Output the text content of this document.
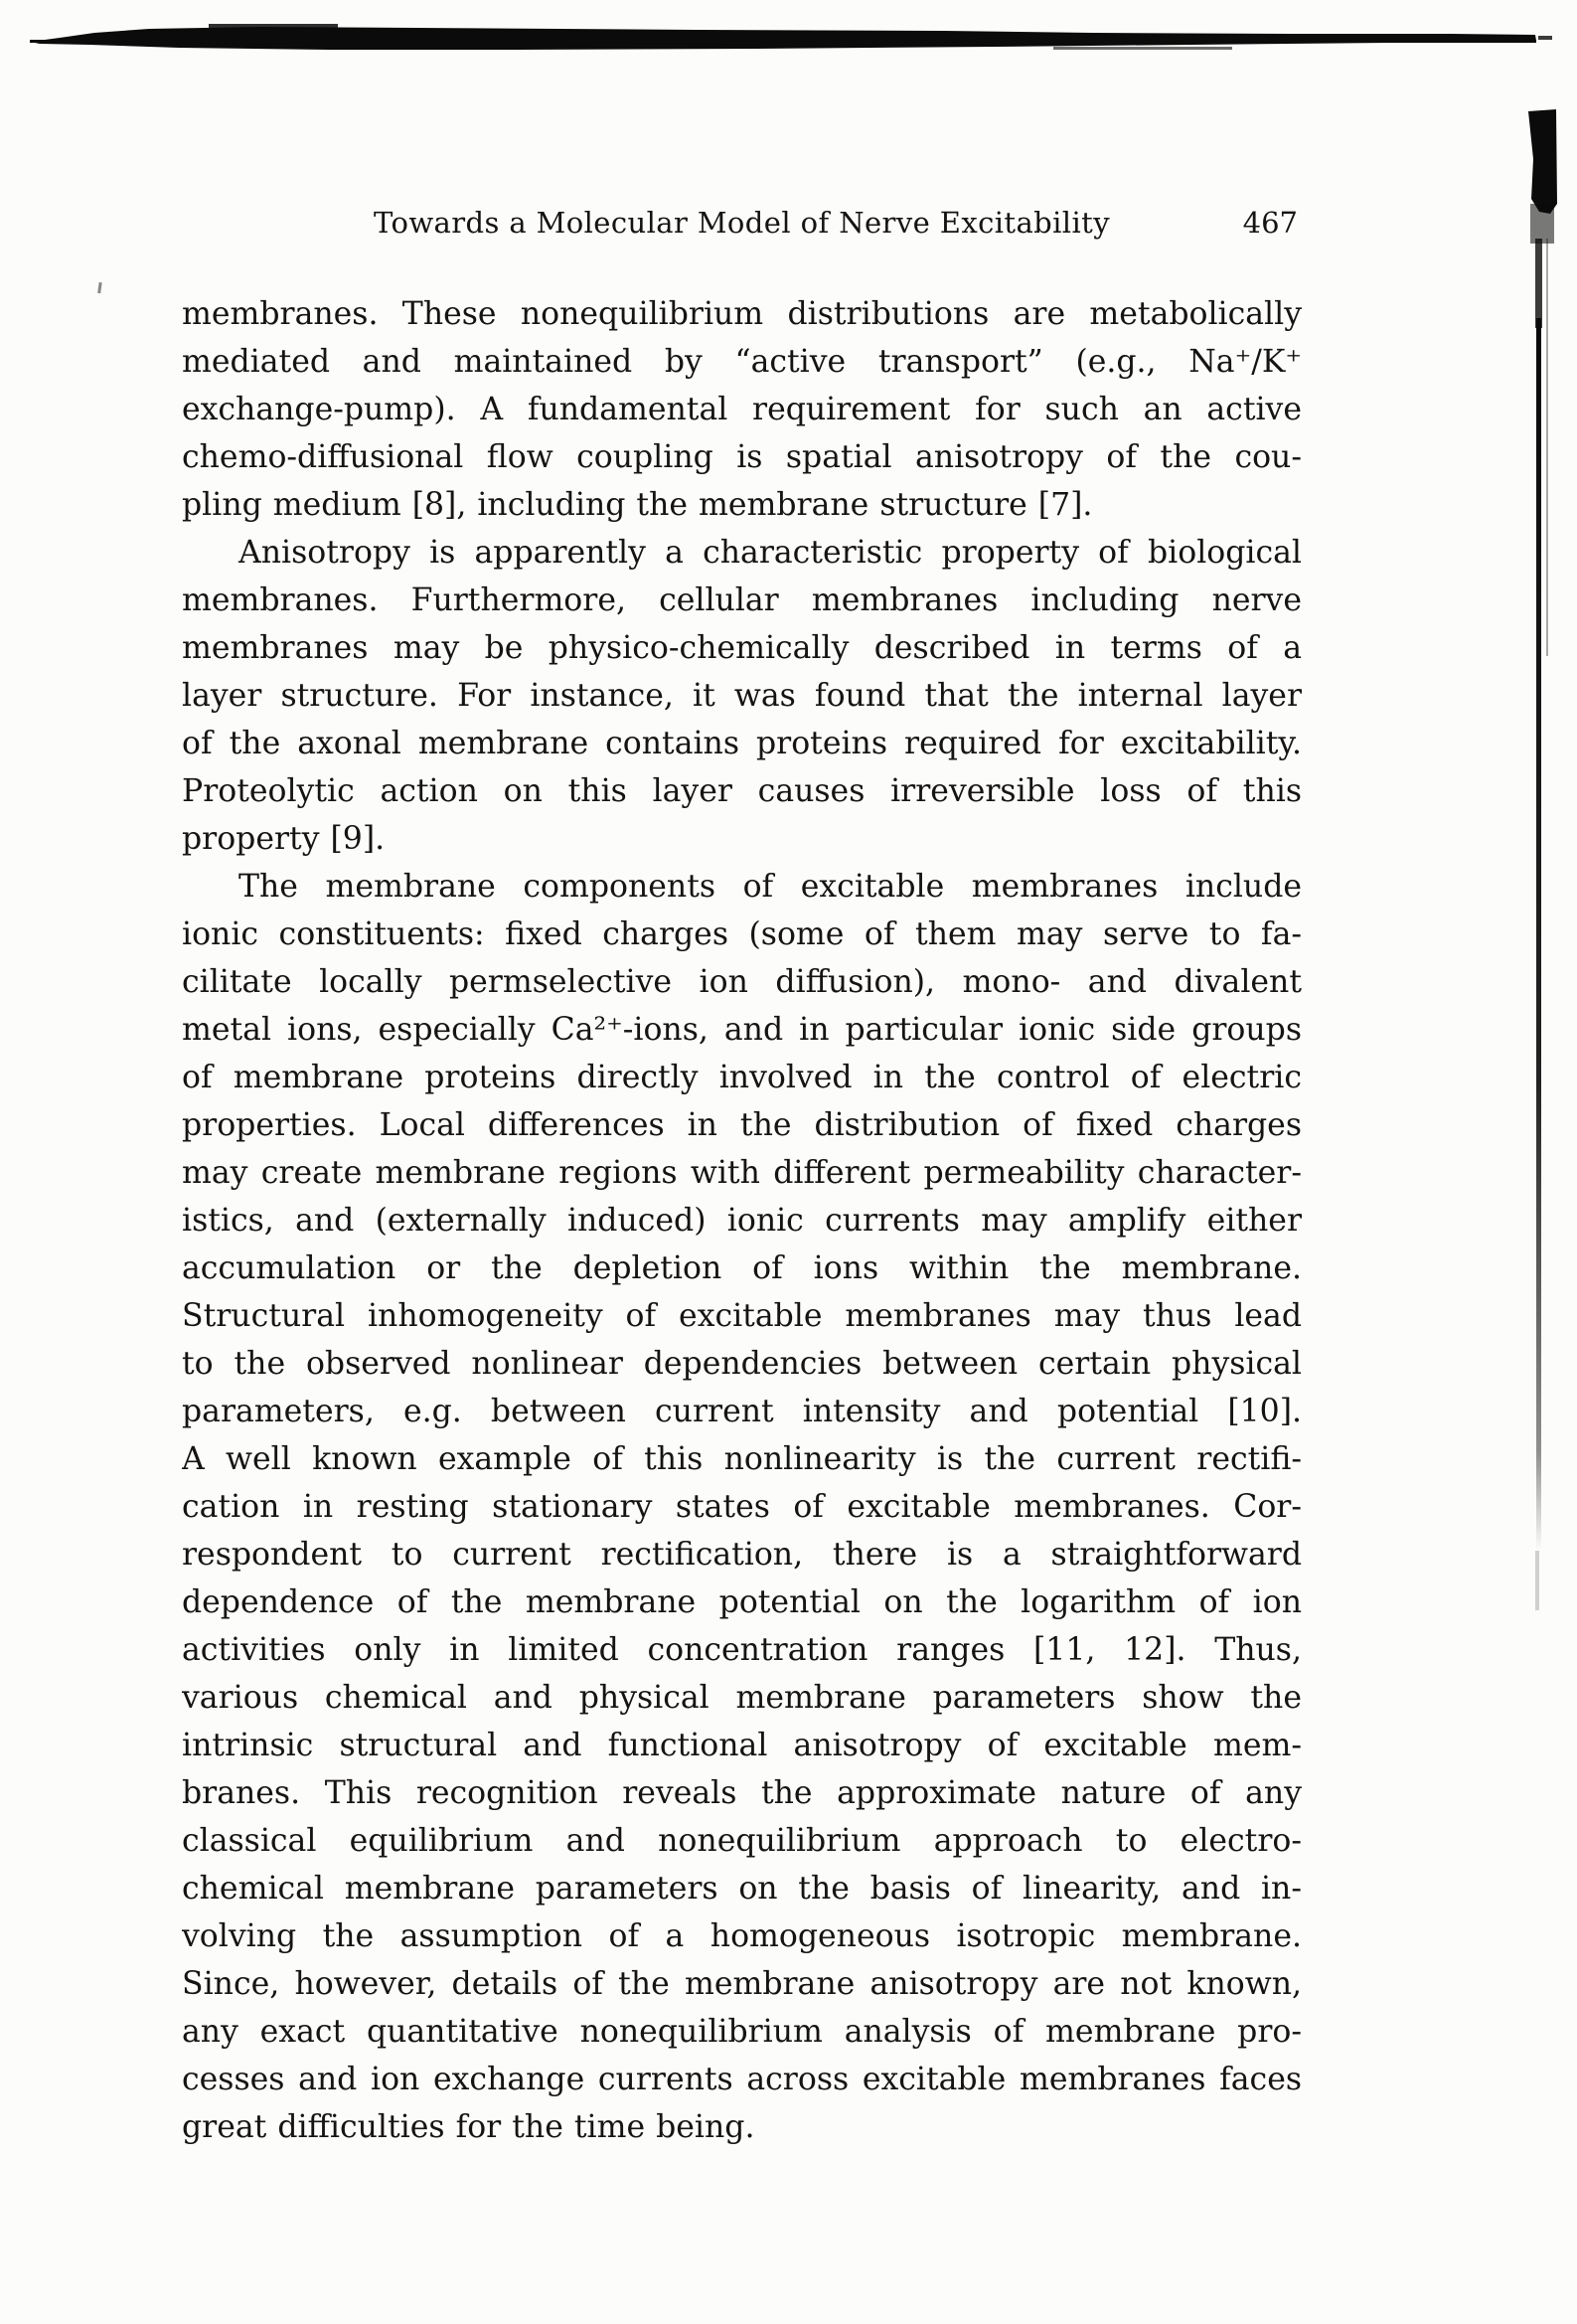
Towards a Molecular Model of Nerve Excitability	467
membranes. These nonequilibrium distributions are metabolically
mediated and maintained by “active transport” (e.g., Na⁺/K⁺
exchange-pump). A fundamental requirement for such an active
chemo-diffusional flow coupling is spatial anisotropy of the cou-
pling medium [8], including the membrane structure [7].
Anisotropy is apparently a characteristic property of biological
membranes. Furthermore, cellular membranes including nerve
membranes may be physico-chemically described in terms of a
layer structure. For instance, it was found that the internal layer
of the axonal membrane contains proteins required for excitability.
Proteolytic action on this layer causes irreversible loss of this
property [9].
The membrane components of excitable membranes include
ionic constituents: fixed charges (some of them may serve to fa-
cilitate locally permselective ion diffusion), mono- and divalent
metal ions, especially Ca²⁺-ions, and in particular ionic side groups
of membrane proteins directly involved in the control of electric
properties. Local differences in the distribution of fixed charges
may create membrane regions with different permeability character-
istics, and (externally induced) ionic currents may amplify either
accumulation or the depletion of ions within the membrane.
Structural inhomogeneity of excitable membranes may thus lead
to the observed nonlinear dependencies between certain physical
parameters, e.g. between current intensity and potential [10].
A well known example of this nonlinearity is the current rectifi-
cation in resting stationary states of excitable membranes. Cor-
respondent to current rectification, there is a straightforward
dependence of the membrane potential on the logarithm of ion
activities only in limited concentration ranges [11, 12]. Thus,
various chemical and physical membrane parameters show the
intrinsic structural and functional anisotropy of excitable mem-
branes. This recognition reveals the approximate nature of any
classical equilibrium and nonequilibrium approach to electro-
chemical membrane parameters on the basis of linearity, and in-
volving the assumption of a homogeneous isotropic membrane.
Since, however, details of the membrane anisotropy are not known,
any exact quantitative nonequilibrium analysis of membrane pro-
cesses and ion exchange currents across excitable membranes faces
great difficulties for the time being.
